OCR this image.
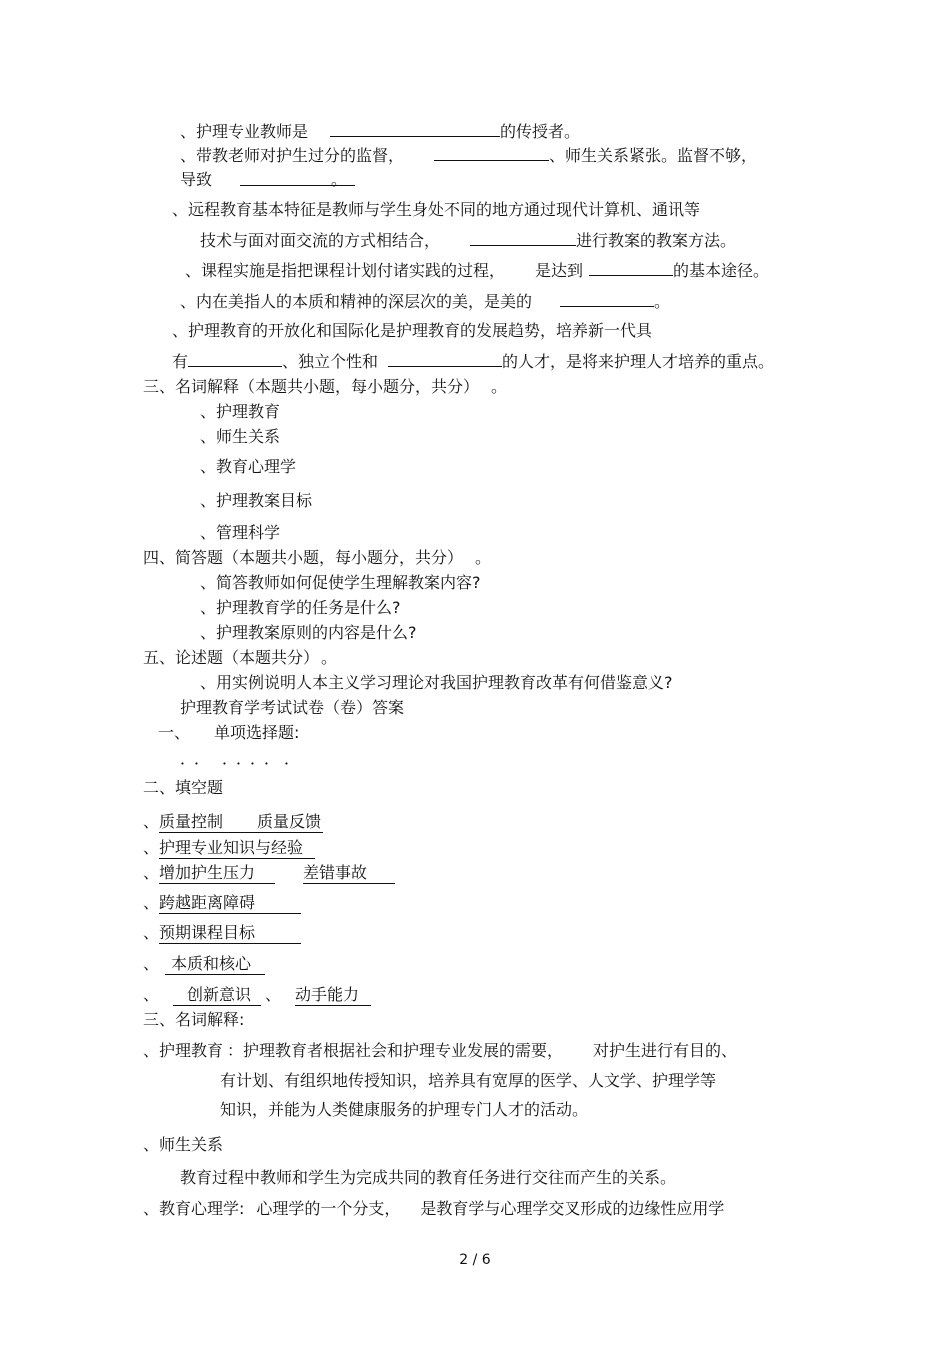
、护理专业教师是	的传授者。
、带教老师对护生过分的监督，	、师生关系紧张。监督不够，
导致	。
、远程教育基本特征是教师与学生身处不同的地方通过现代计算机、通讯等
技术与面对面交流的方式相结合，	进行教案的教案方法。
、课程实施是指把课程计划付诸实践的过程， 是达到	的基本途径。
、内在美指人的本质和精神的深层次的美，是美的	。
、护理教育的开放化和国际化是护理教育的发展趋势，培养新一代具
有	、独立个性和	的人才，是将来护理人才培养的重点。
三、名词解释（本题共小题，每小题分，共分） 。
、护理教育
、师生关系
、教育心理学
、护理教案目标
、管理科学
四、简答题（本题共小题，每小题分，共分） 。
、简答教师如何促使学生理解教案内容?
、护理教育学的任务是什么?
、护理教案原则的内容是什么?
五、论述题（本题共分） 。
、用实例说明人本主义学习理论对我国护理教育改革有何借鉴意义?
护理教育学考试试卷（卷）答案
一、 单项选择题:
．． ．．．． ．
二、填空题
、质量控制 质量反馈
、护理专业知识与经验
、增加护生压力	差错事故
、跨越距离障碍
、预期课程目标
、 本质和核心
、 创新意识 、 动手能力
三、名词解释:
、护理教育 ：护理教育者根据社会和护理专业发展的需要， 对护生进行有目的、
有计划、有组织地传授知识，培养具有宽厚的医学、人文学、护理学等
知识，并能为人类健康服务的护理专门人才的活动。
、师生关系
教育过程中教师和学生为完成共同的教育任务进行交往而产生的关系。
、教育心理学: 心理学的一个分支， 是教育学与心理学交叉形成的边缘性应用学
2 / 6
